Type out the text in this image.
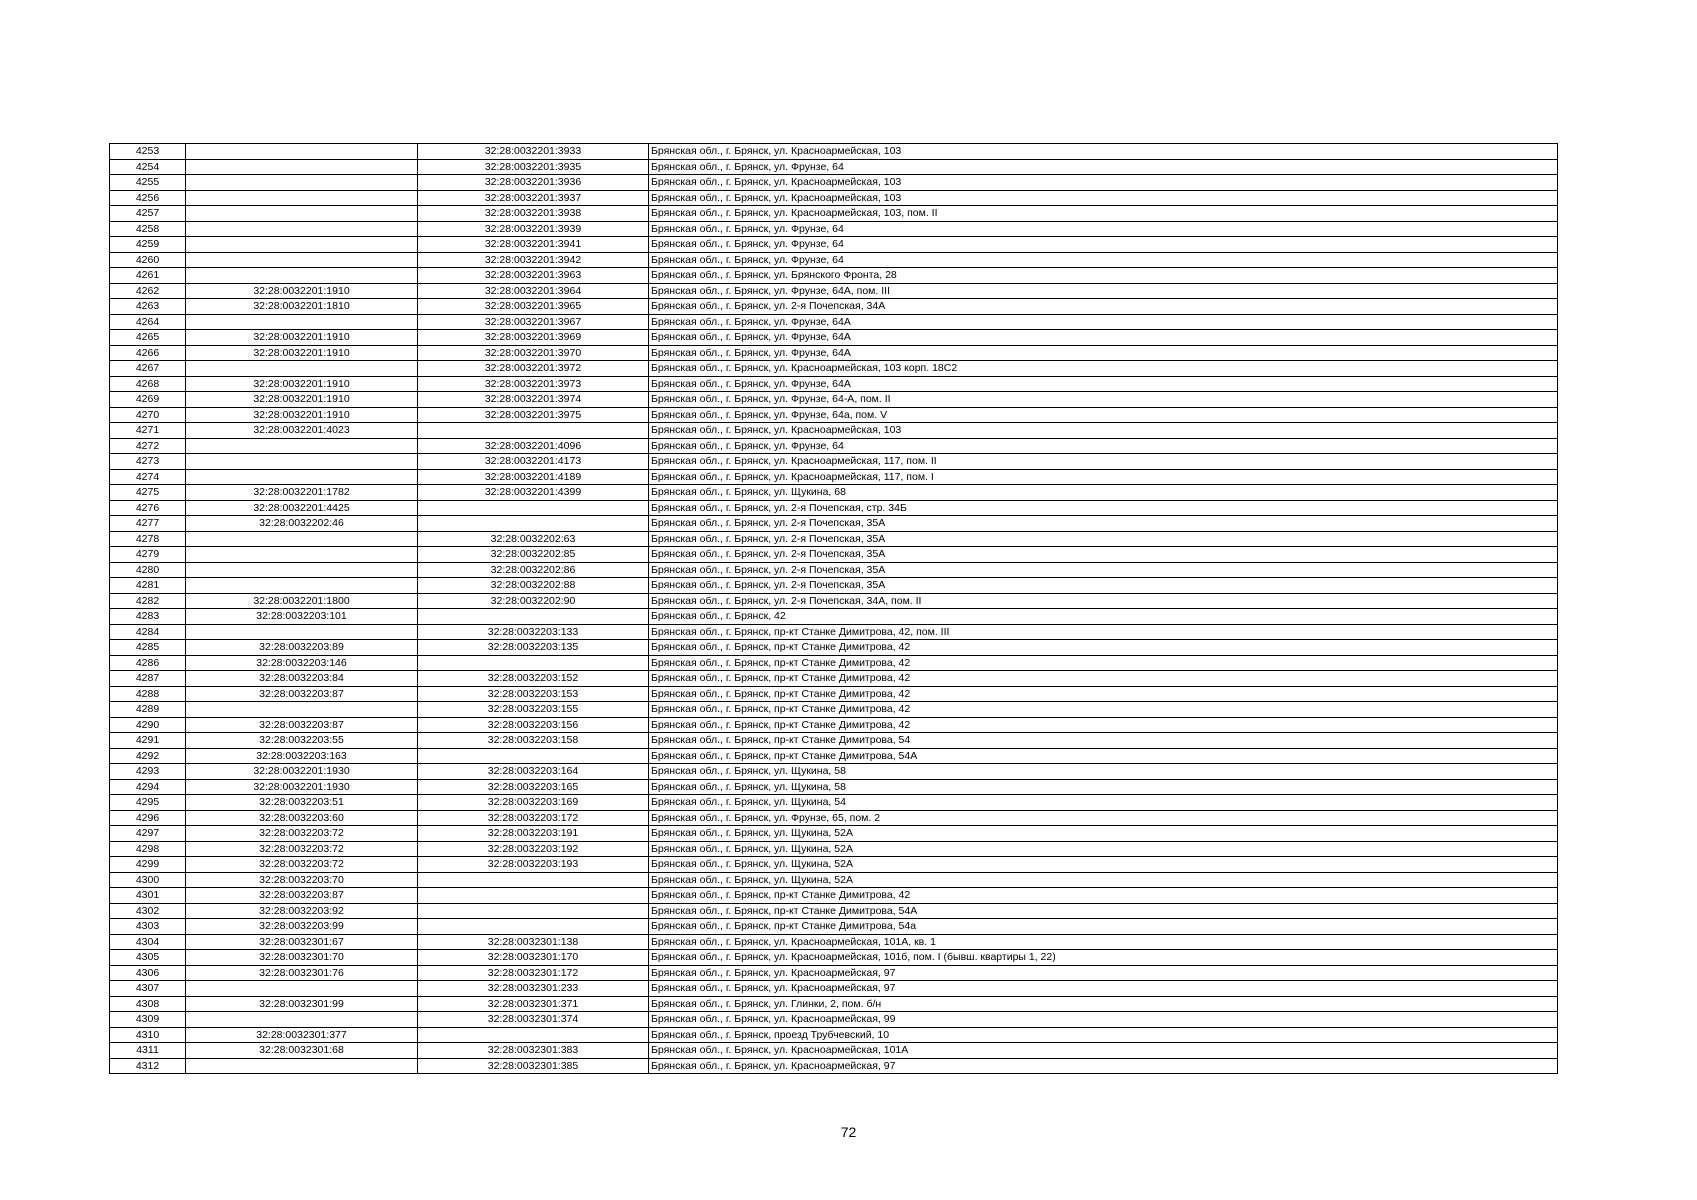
4253		32:28:0032201:3933	Брянская обл., г. Брянск, ул. Красноармейская, 103
4254		32:28:0032201:3935	Брянская обл., г. Брянск, ул. Фрунзе, 64
4255		32:28:0032201:3936	Брянская обл., г. Брянск, ул. Красноармейская, 103
4256		32:28:0032201:3937	Брянская обл., г. Брянск, ул. Красноармейская, 103
4257		32:28:0032201:3938	Брянская обл., г. Брянск, ул. Красноармейская, 103, пом. II
4258		32:28:0032201:3939	Брянская обл., г. Брянск, ул. Фрунзе, 64
4259		32:28:0032201:3941	Брянская обл., г. Брянск, ул. Фрунзе, 64
4260		32:28:0032201:3942	Брянская обл., г. Брянск, ул. Фрунзе, 64
4261		32:28:0032201:3963	Брянская обл., г. Брянск, ул. Брянского Фронта, 28
4262	32:28:0032201:1910	32:28:0032201:3964	Брянская обл., г. Брянск, ул. Фрунзе, 64А, пом. III
4263	32:28:0032201:1810	32:28:0032201:3965	Брянская обл., г. Брянск, ул. 2-я Почепская, 34А
4264		32:28:0032201:3967	Брянская обл., г. Брянск, ул. Фрунзе, 64А
4265	32:28:0032201:1910	32:28:0032201:3969	Брянская обл., г. Брянск, ул. Фрунзе, 64А
4266	32:28:0032201:1910	32:28:0032201:3970	Брянская обл., г. Брянск, ул. Фрунзе, 64А
4267		32:28:0032201:3972	Брянская обл., г. Брянск, ул. Красноармейская, 103 корп. 18С2
4268	32:28:0032201:1910	32:28:0032201:3973	Брянская обл., г. Брянск, ул. Фрунзе, 64А
4269	32:28:0032201:1910	32:28:0032201:3974	Брянская обл., г. Брянск, ул. Фрунзе, 64-А, пом. II
4270	32:28:0032201:1910	32:28:0032201:3975	Брянская обл., г. Брянск, ул. Фрунзе, 64а, пом. V
4271	32:28:0032201:4023		Брянская обл., г. Брянск, ул. Красноармейская, 103
4272		32:28:0032201:4096	Брянская обл., г. Брянск, ул. Фрунзе, 64
4273		32:28:0032201:4173	Брянская обл., г. Брянск, ул. Красноармейская, 117, пом. II
4274		32:28:0032201:4189	Брянская обл., г. Брянск, ул. Красноармейская, 117, пом. I
4275	32:28:0032201:1782	32:28:0032201:4399	Брянская обл., г. Брянск, ул. Щукина, 68
4276	32:28:0032201:4425		Брянская обл., г. Брянск, ул. 2-я Почепская, стр. 34Б
4277	32:28:0032202:46		Брянская обл., г. Брянск, ул. 2-я Почепская, 35А
4278		32:28:0032202:63	Брянская обл., г. Брянск, ул. 2-я Почепская, 35А
4279		32:28:0032202:85	Брянская обл., г. Брянск, ул. 2-я Почепская, 35А
4280		32:28:0032202:86	Брянская обл., г. Брянск, ул. 2-я Почепская, 35А
4281		32:28:0032202:88	Брянская обл., г. Брянск, ул. 2-я Почепская, 35А
4282	32:28:0032201:1800	32:28:0032202:90	Брянская обл., г. Брянск, ул. 2-я Почепская, 34А, пом. II
4283	32:28:0032203:101		Брянская обл., г. Брянск, 42
4284		32:28:0032203:133	Брянская обл., г. Брянск, пр-кт Станке Димитрова, 42, пом. III
4285	32:28:0032203:89	32:28:0032203:135	Брянская обл., г. Брянск, пр-кт Станке Димитрова, 42
4286	32:28:0032203:146		Брянская обл., г. Брянск, пр-кт Станке Димитрова, 42
4287	32:28:0032203:84	32:28:0032203:152	Брянская обл., г. Брянск, пр-кт Станке Димитрова, 42
4288	32:28:0032203:87	32:28:0032203:153	Брянская обл., г. Брянск, пр-кт Станке Димитрова, 42
4289		32:28:0032203:155	Брянская обл., г. Брянск, пр-кт Станке Димитрова, 42
4290	32:28:0032203:87	32:28:0032203:156	Брянская обл., г. Брянск, пр-кт Станке Димитрова, 42
4291	32:28:0032203:55	32:28:0032203:158	Брянская обл., г. Брянск, пр-кт Станке Димитрова, 54
4292	32:28:0032203:163		Брянская обл., г. Брянск, пр-кт Станке Димитрова, 54А
4293	32:28:0032201:1930	32:28:0032203:164	Брянская обл., г. Брянск, ул. Щукина, 58
4294	32:28:0032201:1930	32:28:0032203:165	Брянская обл., г. Брянск, ул. Щукина, 58
4295	32:28:0032203:51	32:28:0032203:169	Брянская обл., г. Брянск, ул. Щукина, 54
4296	32:28:0032203:60	32:28:0032203:172	Брянская обл., г. Брянск, ул. Фрунзе, 65, пом. 2
4297	32:28:0032203:72	32:28:0032203:191	Брянская обл., г. Брянск, ул. Щукина, 52А
4298	32:28:0032203:72	32:28:0032203:192	Брянская обл., г. Брянск, ул. Щукина, 52А
4299	32:28:0032203:72	32:28:0032203:193	Брянская обл., г. Брянск, ул. Щукина, 52А
4300	32:28:0032203:70		Брянская обл., г. Брянск, ул. Щукина, 52А
4301	32:28:0032203:87		Брянская обл., г. Брянск, пр-кт Станке Димитрова, 42
4302	32:28:0032203:92		Брянская обл., г. Брянск, пр-кт Станке Димитрова, 54А
4303	32:28:0032203:99		Брянская обл., г. Брянск, пр-кт Станке Димитрова, 54а
4304	32:28:0032301:67	32:28:0032301:138	Брянская обл., г. Брянск, ул. Красноармейская, 101А, кв. 1
4305	32:28:0032301:70	32:28:0032301:170	Брянская обл., г. Брянск, ул. Красноармейская, 101б, пом. I (бывш. квартиры 1, 22)
4306	32:28:0032301:76	32:28:0032301:172	Брянская обл., г. Брянск, ул. Красноармейская, 97
4307		32:28:0032301:233	Брянская обл., г. Брянск, ул. Красноармейская, 97
4308	32:28:0032301:99	32:28:0032301:371	Брянская обл., г. Брянск, ул. Глинки, 2, пом. б/н
4309		32:28:0032301:374	Брянская обл., г. Брянск, ул. Красноармейская, 99
4310	32:28:0032301:377		Брянская обл., г. Брянск, проезд Трубчевский, 10
4311	32:28:0032301:68	32:28:0032301:383	Брянская обл., г. Брянск, ул. Красноармейская, 101А
4312		32:28:0032301:385	Брянская обл., г. Брянск, ул. Красноармейская, 97
72
